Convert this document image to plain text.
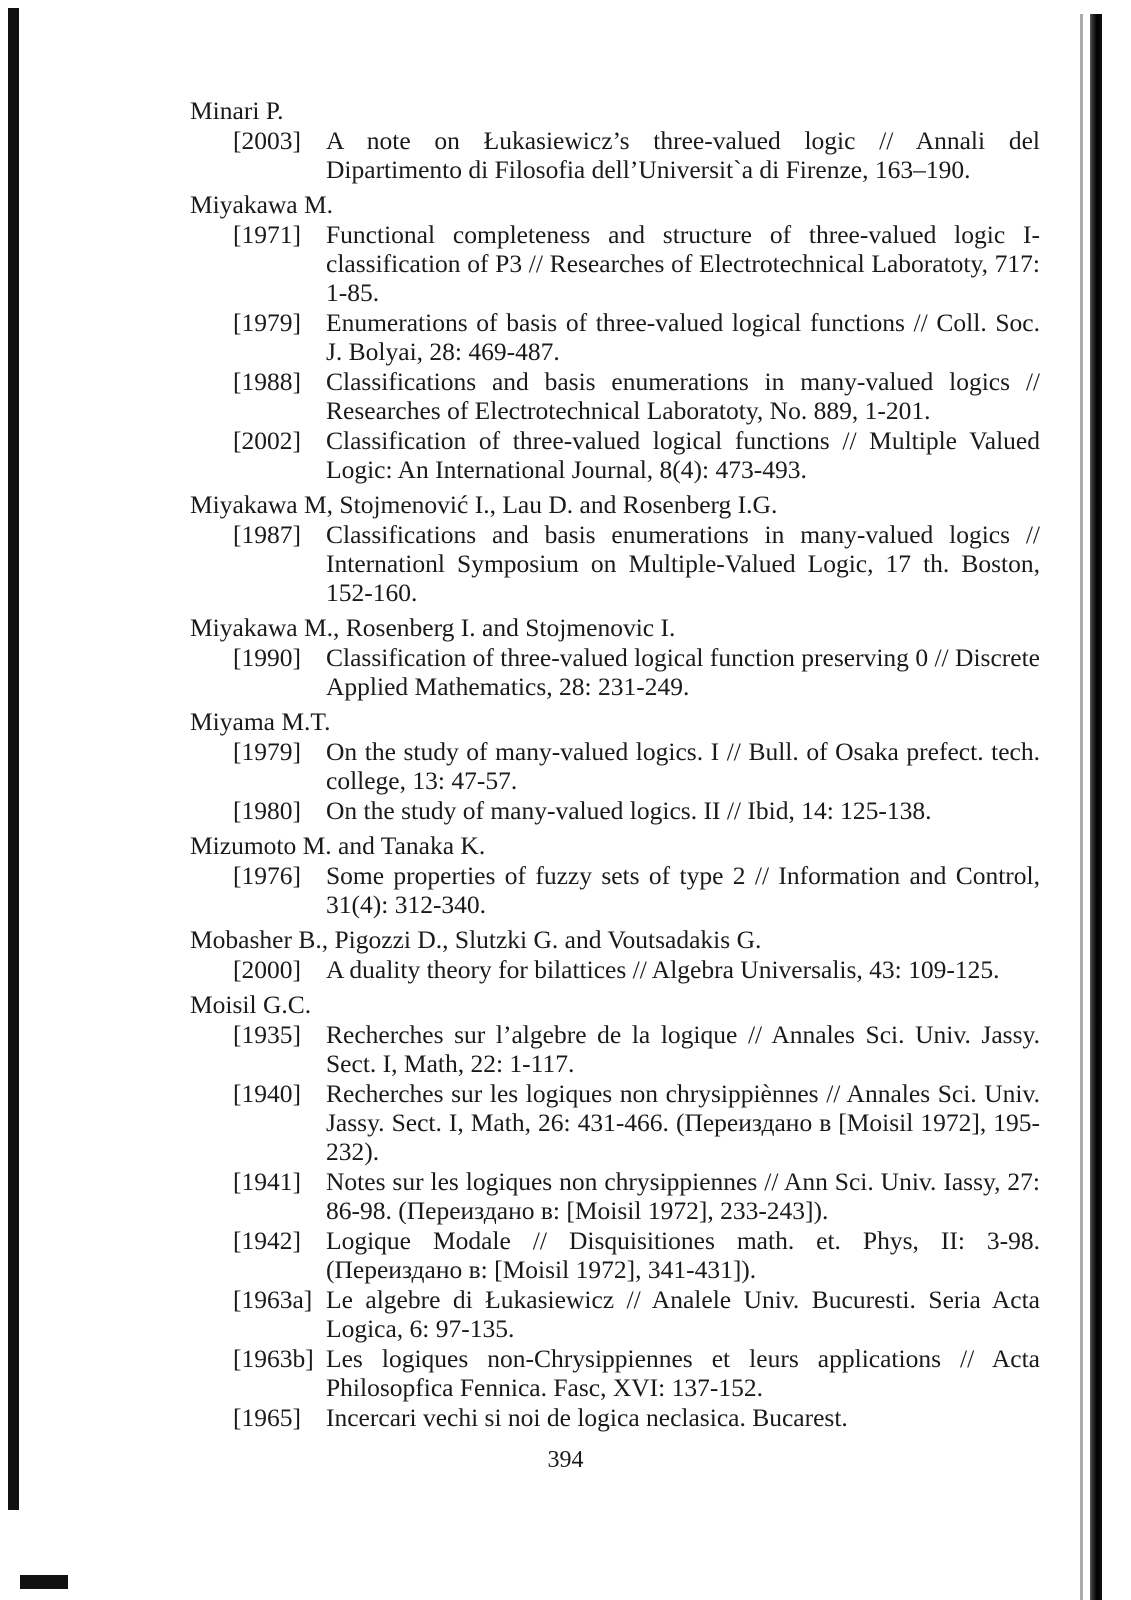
Minari P.
[2003] A note on Łukasiewicz’s three-valued logic // Annali del Dipartimento di Filosofia dell’Universit`a di Firenze, 163–190.
Miyakawa M.
[1971] Functional completeness and structure of three-valued logic I-classification of P3 // Researches of Electrotechnical Laboratoty, 717: 1-85.
[1979] Enumerations of basis of three-valued logical functions // Coll. Soc. J. Bolyai, 28: 469-487.
[1988] Classifications and basis enumerations in many-valued logics // Researches of Electrotechnical Laboratoty, No. 889, 1-201.
[2002] Classification of three-valued logical functions // Multiple Valued Logic: An International Journal, 8(4): 473-493.
Miyakawa M, Stojmenović I., Lau D. and Rosenberg I.G.
[1987] Classifications and basis enumerations in many-valued logics // Internationl Symposium on Multiple-Valued Logic, 17 th. Boston, 152-160.
Miyakawa M., Rosenberg I. and Stojmenovic I.
[1990] Classification of three-valued logical function preserving 0 // Discrete Applied Mathematics, 28: 231-249.
Miyama M.T.
[1979] On the study of many-valued logics. I // Bull. of Osaka prefect. tech. college, 13: 47-57.
[1980] On the study of many-valued logics. II // Ibid, 14: 125-138.
Mizumoto M. and Tanaka K.
[1976] Some properties of fuzzy sets of type 2 // Information and Control, 31(4): 312-340.
Mobasher B., Pigozzi D., Slutzki G. and Voutsadakis G.
[2000] A duality theory for bilattices // Algebra Universalis, 43: 109-125.
Moisil G.C.
[1935] Recherches sur l’algebre de la logique // Annales Sci. Univ. Jassy. Sect. I, Math, 22: 1-117.
[1940] Recherches sur les logiques non chrysippiènnes // Annales Sci. Univ. Jassy. Sect. I, Math, 26: 431-466. (Переиздано в [Moisil 1972], 195-232).
[1941] Notes sur les logiques non chrysippiennes // Ann Sci. Univ. Iassy, 27: 86-98. (Переиздано в: [Moisil 1972], 233-243]).
[1942] Logique Modale // Disquisitiones math. et. Phys, II: 3-98. (Переиздано в: [Moisil 1972], 341-431]).
[1963a] Le algebre di Łukasiewicz // Analele Univ. Bucuresti. Seria Acta Logica, 6: 97-135.
[1963b] Les logiques non-Chrysippiennes et leurs applications // Acta Philosopfica Fennica. Fasc, XVI: 137-152.
[1965] Incercari vechi si noi de logica neclasica. Bucarest.
394
